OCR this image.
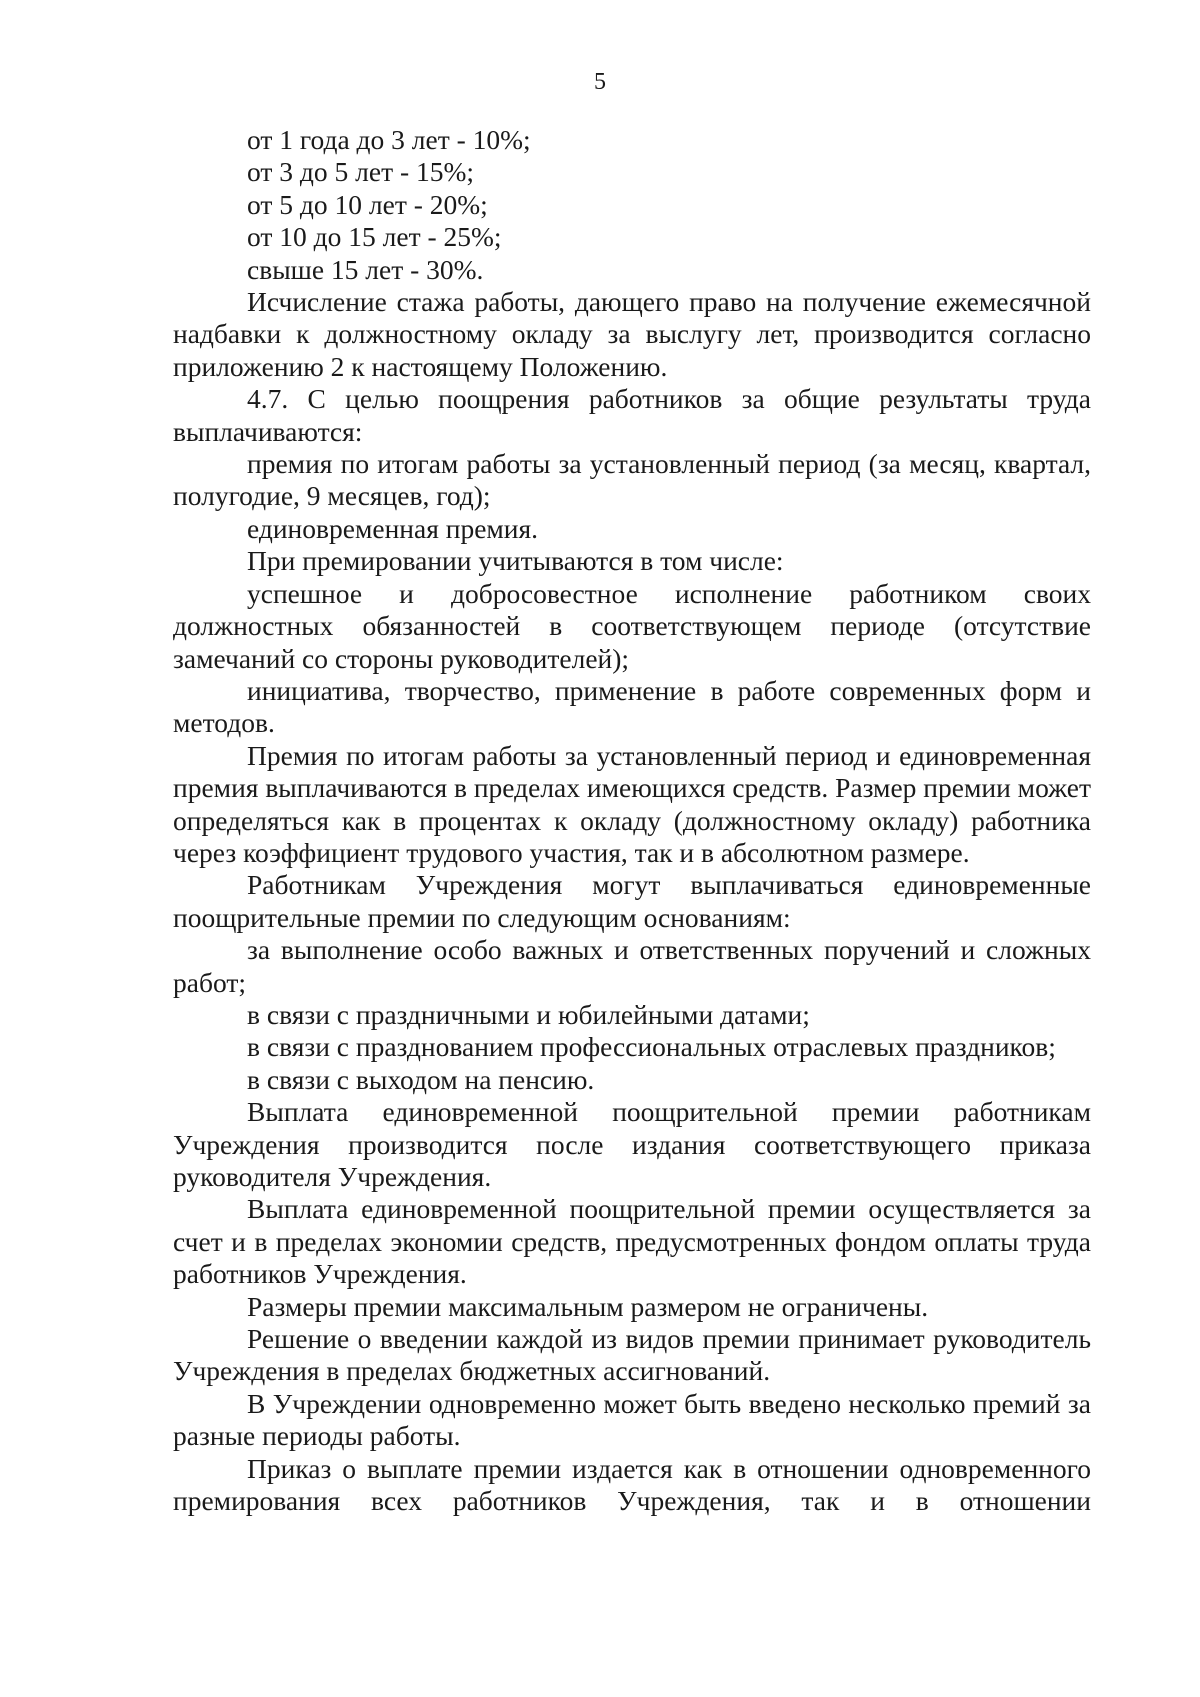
5

от 1 года до 3 лет - 10%;

от 3 до 5 лет - 15%;

от 5 до 10 лет - 20%;

от 10 до 15 лет - 25%;

свыше 15 лет - 30%.

Исчисление стажа работы, дающего право на получение ежемесячной надбавки к должностному окладу за выслугу лет, производится согласно приложению 2 к настоящему Положению.

4.7. С целью поощрения работников за общие результаты труда выплачиваются:

премия по итогам работы за установленный период (за месяц, квартал, полугодие, 9 месяцев, год);

единовременная премия.

При премировании учитываются в том числе:

успешное и добросовестное исполнение работником своих должностных обязанностей в соответствующем периоде (отсутствие замечаний со стороны руководителей);

инициатива, творчество, применение в работе современных форм и методов.

Премия по итогам работы за установленный период и единовременная премия выплачиваются в пределах имеющихся средств. Размер премии может определяться как в процентах к окладу (должностному окладу) работника через коэффициент трудового участия, так и в абсолютном размере.

Работникам Учреждения могут выплачиваться единовременные поощрительные премии по следующим основаниям:

за выполнение особо важных и ответственных поручений и сложных работ;

в связи с праздничными и юбилейными датами;

в связи с празднованием профессиональных отраслевых праздников;

в связи с выходом на пенсию.

Выплата единовременной поощрительной премии работникам Учреждения производится после издания соответствующего приказа руководителя Учреждения.

Выплата единовременной поощрительной премии осуществляется за счет и в пределах экономии средств, предусмотренных фондом оплаты труда работников Учреждения.

Размеры премии максимальным размером не ограничены.

Решение о введении каждой из видов премии принимает руководитель Учреждения в пределах бюджетных ассигнований.

В Учреждении одновременно может быть введено несколько премий за разные периоды работы.

Приказ о выплате премии издается как в отношении одновременного премирования всех работников Учреждения, так и в отношении
